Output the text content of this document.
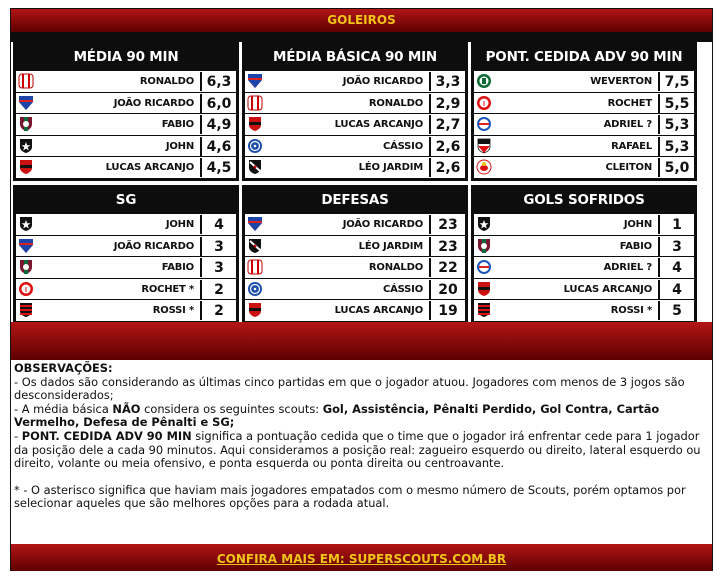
GOLEIROS
MÉDIA 90 MIN
RONALDO 6,3
JOÃO RICARDO 6,0
FABIO 4,9
JOHN 4,6
LUCAS ARCANJO 4,5
MÉDIA BÁSICA 90 MIN
JOÃO RICARDO 3,3
RONALDO 2,9
LUCAS ARCANJO 2,7
CÁSSIO 2,6
LÉO JARDIM 2,6
PONT. CEDIDA ADV 90 MIN
WEVERTON 7,5
I	ROCHET 5,5
ADRIEL ? 5,3
RAFAEL 5,3
CLEITON 5,0
SG
JOHN	4
JOÃO RICARDO	3
FABIO	3
I	ROCHET *	2
ROSSI *	2
DEFESAS
JOÃO RICARDO	23
LÉO JARDIM	23
RONALDO	22
CÁSSIO	20
LUCAS ARCANJO	19
GOLS SOFRIDOS
JOHN	1
FABIO	3
ADRIEL ?	4
LUCAS ARCANJO	4
ROSSI *	5
OBSERVAÇÕES:
- Os dados são considerando as últimas cinco partidas em que o jogador atuou. Jogadores com menos de 3 jogos são desconsiderados;
- A média básica NÃO considera os seguintes scouts: Gol, Assistência, Pênalti Perdido, Gol Contra, Cartão Vermelho, Defesa de Pênalti e SG;
- PONT. CEDIDA ADV 90 MIN significa a pontuação cedida que o time que o jogador irá enfrentar cede para 1 jogador da posição dele a cada 90 minutos. Aqui consideramos a posição real: zagueiro esquerdo ou direito, lateral esquerdo ou direito, volante ou meia ofensivo, e ponta esquerda ou ponta direita ou centroavante.
* - O asterisco significa que haviam mais jogadores empatados com o mesmo número de Scouts, porém optamos por selecionar aqueles que são melhores opções para a rodada atual.
CONFIRA MAIS EM: SUPERSCOUTS.COM.BR
